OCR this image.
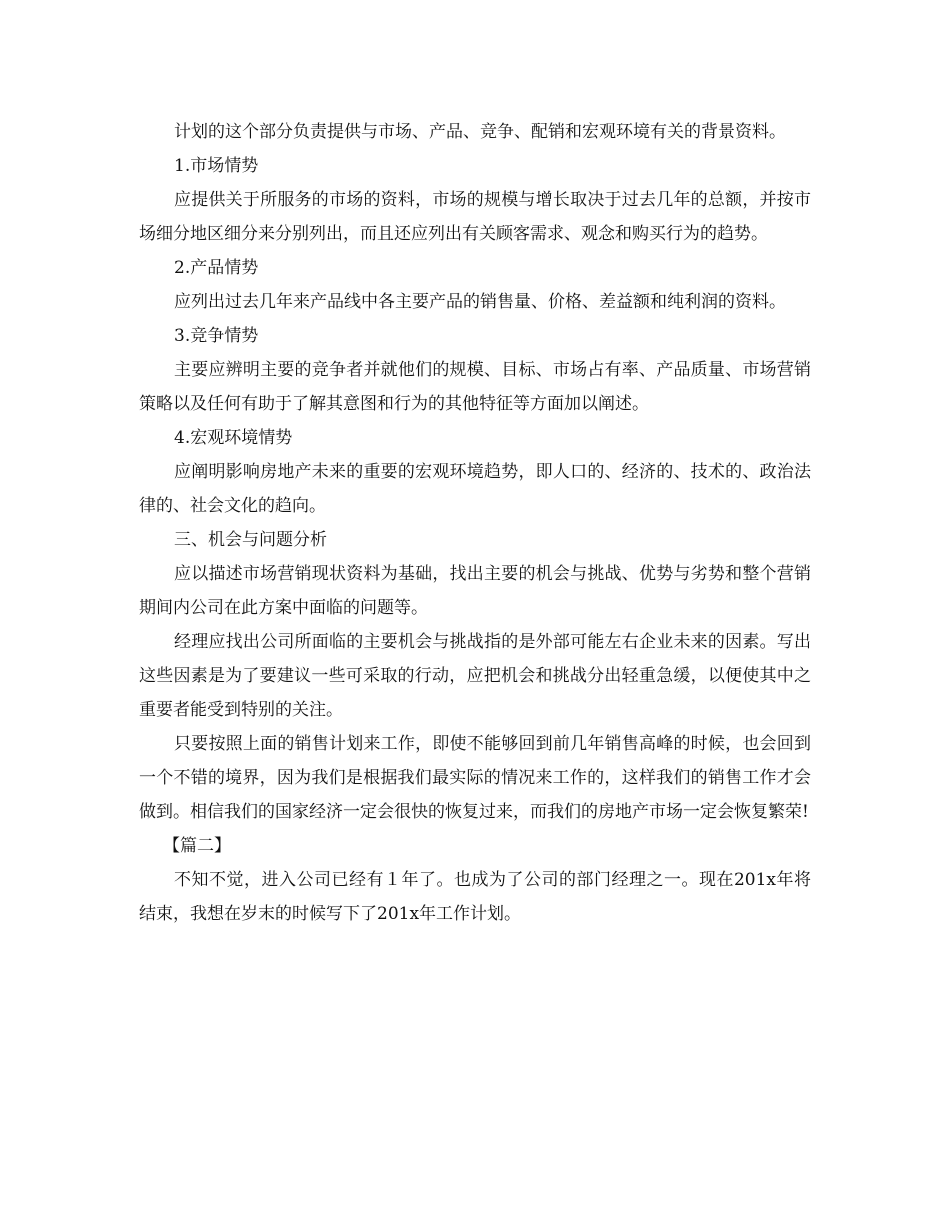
计划的这个部分负责提供与市场、产品、竞争、配销和宏观环境有关的背景资料。

1.市场情势

应提供关于所服务的市场的资料，市场的规模与增长取决于过去几年的总额，并按市场细分地区细分来分别列出，而且还应列出有关顾客需求、观念和购买行为的趋势。

2.产品情势

应列出过去几年来产品线中各主要产品的销售量、价格、差益额和纯利润的资料。

3.竞争情势

主要应辨明主要的竞争者并就他们的规模、目标、市场占有率、产品质量、市场营销策略以及任何有助于了解其意图和行为的其他特征等方面加以阐述。

4.宏观环境情势

应阐明影响房地产未来的重要的宏观环境趋势，即人口的、经济的、技术的、政治法律的、社会文化的趋向。

三、机会与问题分析

应以描述市场营销现状资料为基础，找出主要的机会与挑战、优势与劣势和整个营销期间内公司在此方案中面临的问题等。

经理应找出公司所面临的主要机会与挑战指的是外部可能左右企业未来的因素。写出这些因素是为了要建议一些可采取的行动，应把机会和挑战分出轻重急缓，以便使其中之重要者能受到特别的关注。

只要按照上面的销售计划来工作，即使不能够回到前几年销售高峰的时候，也会回到一个不错的境界，因为我们是根据我们最实际的情况来工作的，这样我们的销售工作才会做到。相信我们的国家经济一定会很快的恢复过来，而我们的房地产市场一定会恢复繁荣!

【篇二】

不知不觉，进入公司已经有１年了。也成为了公司的部门经理之一。现在201x年将结束，我想在岁末的时候写下了201x年工作计划。
